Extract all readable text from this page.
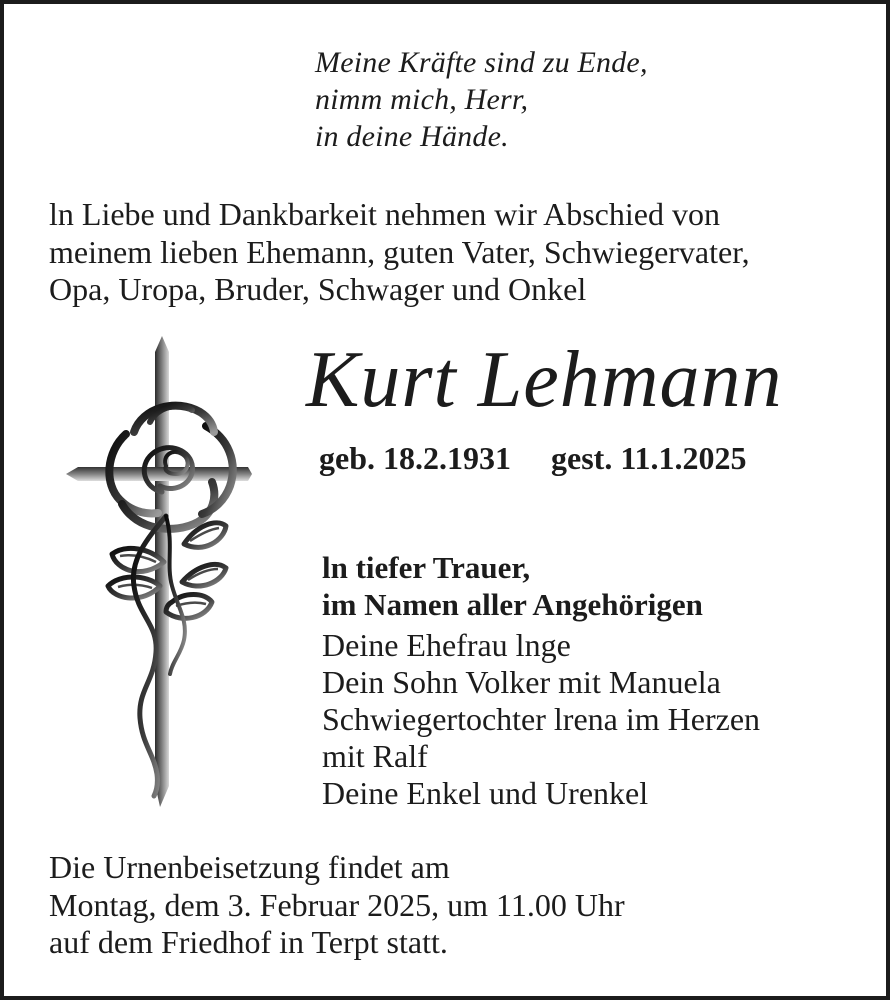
Meine Kräfte sind zu Ende,
nimm mich, Herr,
in deine Hände.
ln Liebe und Dankbarkeit nehmen wir Abschied von
meinem lieben Ehemann, guten Vater, Schwiegervater,
Opa, Uropa, Bruder, Schwager und Onkel
Kurt Lehmann
geb. 18.2.1931 gest. 11.1.2025
ln tiefer Trauer,
im Namen aller Angehörigen
Deine Ehefrau lnge
Dein Sohn Volker mit Manuela
Schwiegertochter lrena im Herzen
mit Ralf
Deine Enkel und Urenkel
Die Urnenbeisetzung findet am
Montag, dem 3. Februar 2025, um 11.00 Uhr
auf dem Friedhof in Terpt statt.
